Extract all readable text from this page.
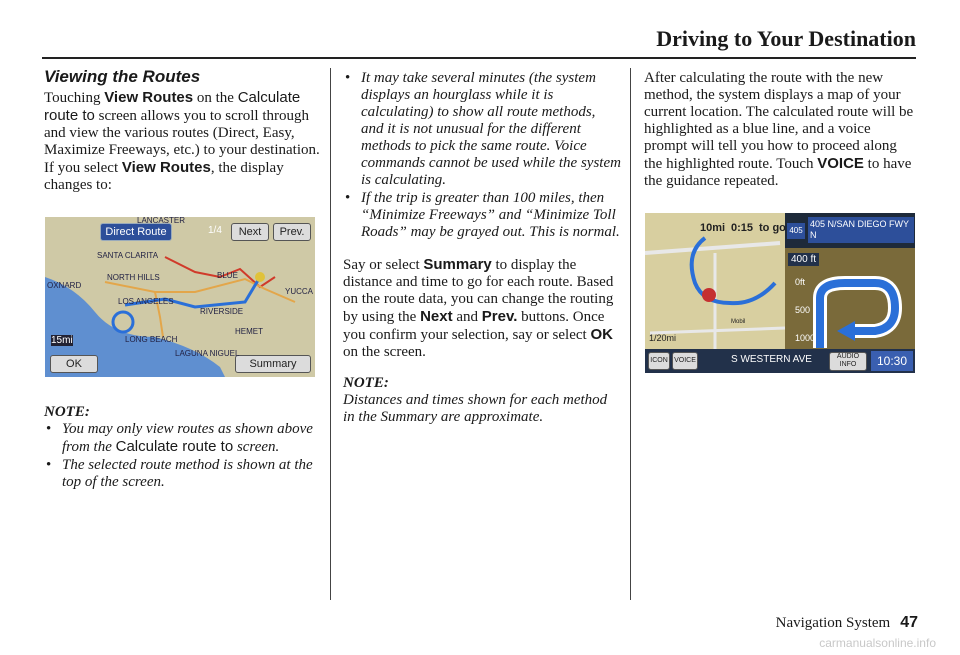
Driving to Your Destination
Viewing the Routes

Touching View Routes on the Calculate route to screen allows you to scroll through and view the various routes (Direct, Easy, Maximize Freeways, etc.) to your destination. If you select View Routes, the display changes to:

NOTE:
• You may only view routes as shown above from the Calculate route to screen.
• The selected route method is shown at the top of the screen.
Direct Route	1/4	Next	Prev.
OK	Summary
15mi
LANCASTER
SANTA CLARITA
NORTH HILLS
OXNARD
LOS ANGELES
RIVERSIDE
LONG BEACH
HEMET
LAGUNA NIGUEL
BLUE
YUCCA
• It may take several minutes (the system displays an hourglass while it is calculating) to show all route methods, and it is not unusual for the different methods to pick the same route. Voice commands cannot be used while the system is calculating.
• If the trip is greater than 100 miles, then “Minimize Freeways” and “Minimize Toll Roads” may be grayed out. This is normal.

Say or select Summary to display the distance and time to go for each route. Based on the route data, you can change the routing by using the Next and Prev. buttons. Once you confirm your selection, say or select OK on the screen.

NOTE:

Distances and times shown for each method in the Summary are approximate.

After calculating the route with the new method, the system displays a map of your current location. The calculated route will be highlighted as a blue line, and a voice prompt will tell you how to proceed along the highlighted route. Touch VOICE to have the guidance repeated.

10mi 0:15 to go 405
405 N/SAN DIEGO FWY N
400 ft
0ft
500
1000
1/20mi
Mobil
ICON VOICE	S WESTERN AVE	AUDIO INFO	10:30
Navigation System 47
carmanualsonline.info
